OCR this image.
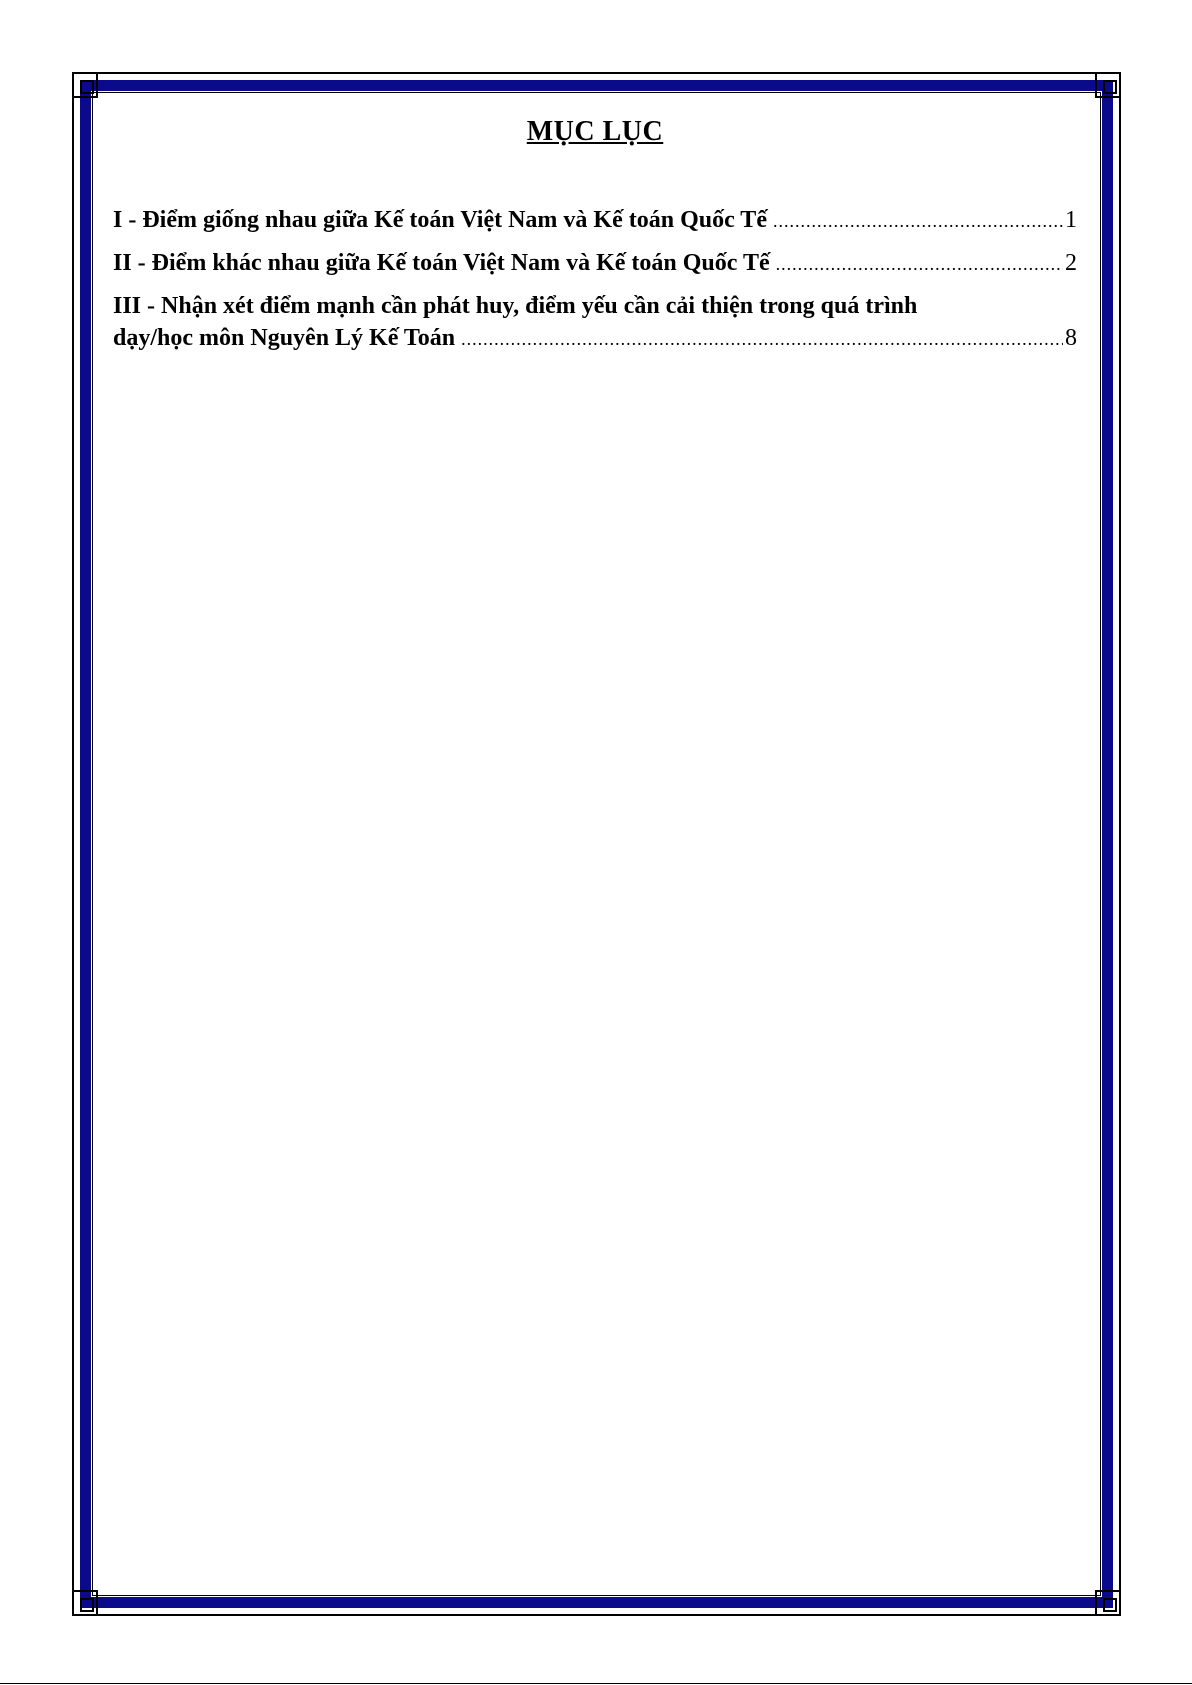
MỤC LỤC
I - Điểm giống nhau giữa Kế toán Việt Nam và Kế toán Quốc Tế .....	1
II - Điểm khác nhau giữa Kế toán Việt Nam và Kế toán Quốc Tế .....	2
III - Nhận xét điểm mạnh cần phát huy, điểm yếu cần cải thiện trong quá trình
dạy/học môn Nguyên Lý Kế Toán .....	8
